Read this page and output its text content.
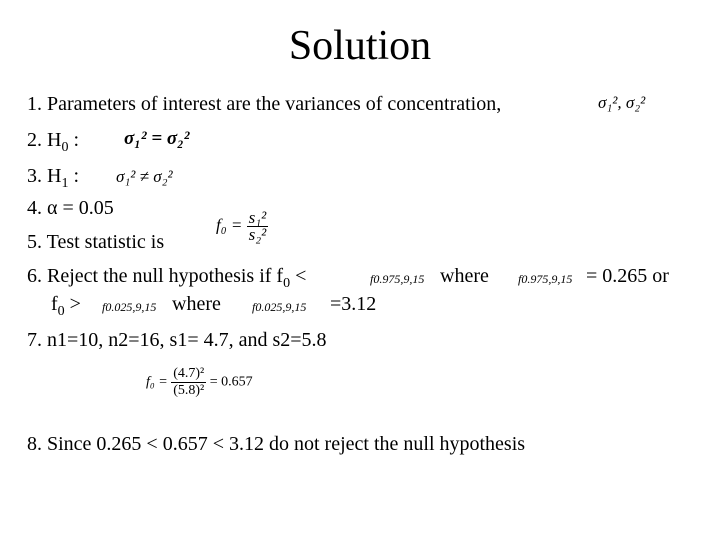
Solution
1. Parameters of interest are the variances of concentration,	σ₁², σ₂²
2. $H_0$ : σ₁² = σ₂²
3. $H_1$ : σ₁² ≠ σ₂²
4. α = 0.05
5. Test statistic is
$f_0 = \frac{\text{s₁²}}{\text{s₂²}}$
6. Reject the null hypothesis if $f_0$ <	f0.975,9,15 where f0.975,9,15 = 0.265 or
$f_0 > f0.025,9,15$ where	f0.025,9,15 =3.12
7. n1=10, n2=16, s1= 4.7, and s2=5.8
$f_0 = \frac{\text{(4.7)²}}{\text{(5.8)²}} = 0.657$
8. Since 0.265 < 0.657 < 3.12 do not reject the null hypothesis
